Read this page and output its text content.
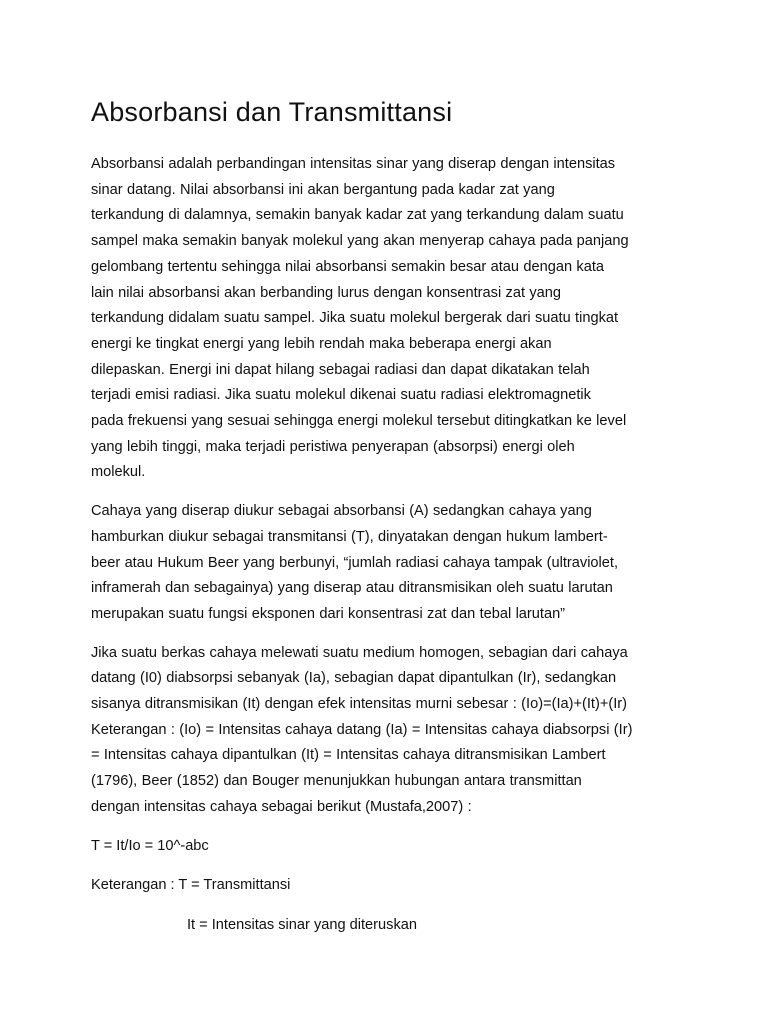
Absorbansi dan Transmittansi

Absorbansi adalah perbandingan intensitas sinar yang diserap dengan intensitas
sinar datang. Nilai absorbansi ini akan bergantung pada kadar zat yang
terkandung di dalamnya, semakin banyak kadar zat yang terkandung dalam suatu
sampel maka semakin banyak molekul yang akan menyerap cahaya pada panjang
gelombang tertentu sehingga nilai absorbansi semakin besar atau dengan kata
lain nilai absorbansi akan berbanding lurus dengan konsentrasi zat yang
terkandung didalam suatu sampel. Jika suatu molekul bergerak dari suatu tingkat
energi ke tingkat energi yang lebih rendah maka beberapa energi akan
dilepaskan. Energi ini dapat hilang sebagai radiasi dan dapat dikatakan telah
terjadi emisi radiasi. Jika suatu molekul dikenai suatu radiasi elektromagnetik
pada frekuensi yang sesuai sehingga energi molekul tersebut ditingkatkan ke level
yang lebih tinggi, maka terjadi peristiwa penyerapan (absorpsi) energi oleh
molekul.

Cahaya yang diserap diukur sebagai absorbansi (A) sedangkan cahaya yang
hamburkan diukur sebagai transmitansi (T), dinyatakan dengan hukum lambert-
beer atau Hukum Beer yang berbunyi, “jumlah radiasi cahaya tampak (ultraviolet,
inframerah dan sebagainya) yang diserap atau ditransmisikan oleh suatu larutan
merupakan suatu fungsi eksponen dari konsentrasi zat dan tebal larutan”

Jika suatu berkas cahaya melewati suatu medium homogen, sebagian dari cahaya
datang (I0) diabsorpsi sebanyak (Ia), sebagian dapat dipantulkan (Ir), sedangkan
sisanya ditransmisikan (It) dengan efek intensitas murni sebesar : (Io)=(Ia)+(It)+(Ir)
Keterangan : (Io) = Intensitas cahaya datang (Ia) = Intensitas cahaya diabsorpsi (Ir)
= Intensitas cahaya dipantulkan (It) = Intensitas cahaya ditransmisikan Lambert
(1796), Beer (1852) dan Bouger menunjukkan hubungan antara transmittan
dengan intensitas cahaya sebagai berikut (Mustafa,2007) :

T = It/Io = 10^-abc

Keterangan : T = Transmittansi

It = Intensitas sinar yang diteruskan
